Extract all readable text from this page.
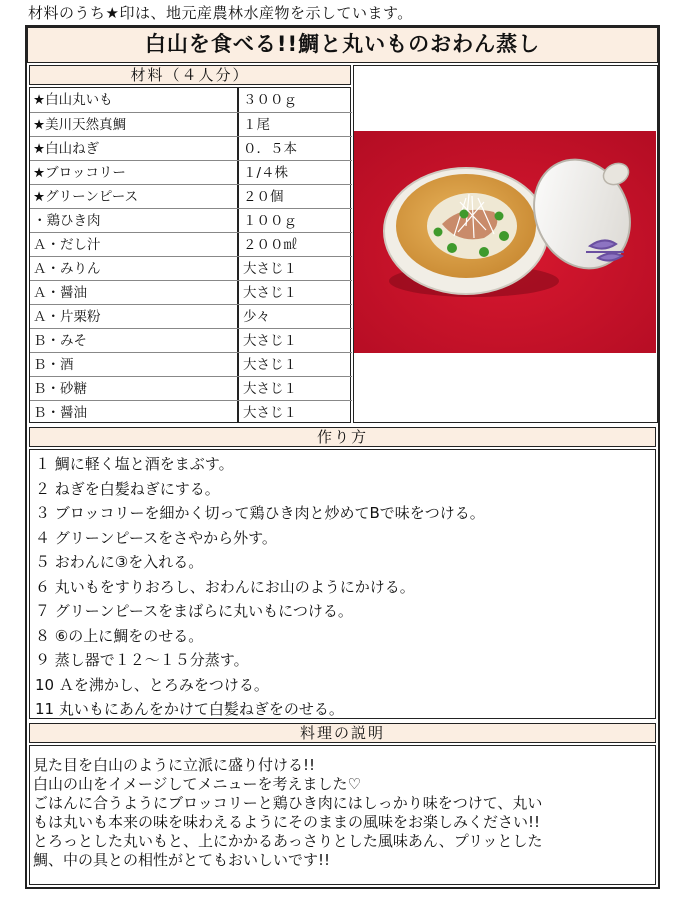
材料のうち★印は、地元産農林水産物を示しています。
白山を食べる!!鯛と丸いものおわん蒸し
材料（４人分）
★白山丸いも	３００ｇ
★美川天然真鯛	１尾
★白山ねぎ	０．５本
★ブロッコリー	１/４株
★グリーンピース	２０個
・鶏ひき肉	１００ｇ
Ａ・だし汁	２００㎖
Ａ・みりん	大さじ１
Ａ・醤油	大さじ１
Ａ・片栗粉	少々
Ｂ・みそ	大さじ１
Ｂ・酒	大さじ１
Ｂ・砂糖	大さじ１
Ｂ・醤油	大さじ１
作り方
１ 鯛に軽く塩と酒をまぶす。
２ ねぎを白髪ねぎにする。
３ ブロッコリーを細かく切って鶏ひき肉と炒めてBで味をつける。
４ グリーンピースをさやから外す。
５ おわんに③を入れる。
６ 丸いもをすりおろし、おわんにお山のようにかける。
７ グリーンピースをまばらに丸いもにつける。
８ ⑥の上に鯛をのせる。
９ 蒸し器で１２～１５分蒸す。
10 Ａを沸かし、とろみをつける。
11 丸いもにあんをかけて白髪ねぎをのせる。
料理の説明
見た目を白山のように立派に盛り付ける!!
白山の山をイメージしてメニューを考えました♡
ごはんに合うようにブロッコリーと鶏ひき肉にはしっかり味をつけて、丸い
もは丸いも本来の味を味わえるようにそのままの風味をお楽しみください!!
とろっとした丸いもと、上にかかるあっさりとした風味あん、プリッとした
鯛、中の具との相性がとてもおいしいです!!
